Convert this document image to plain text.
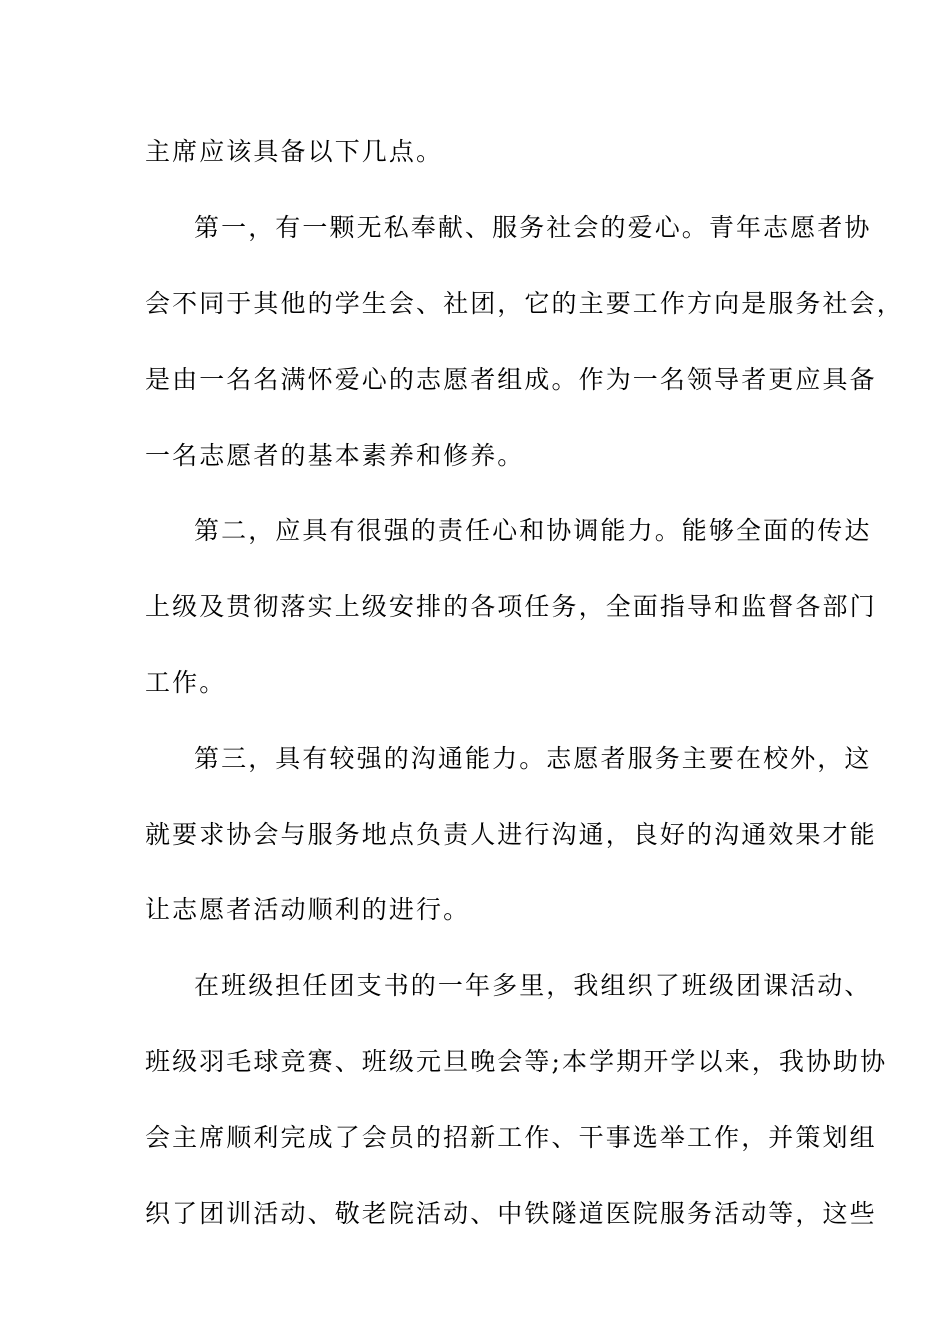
主席应该具备以下几点。
第一，有一颗无私奉献、服务社会的爱心。青年志愿者协
会不同于其他的学生会、社团，它的主要工作方向是服务社会，
是由一名名满怀爱心的志愿者组成。作为一名领导者更应具备
一名志愿者的基本素养和修养。
第二，应具有很强的责任心和协调能力。能够全面的传达
上级及贯彻落实上级安排的各项任务，全面指导和监督各部门
工作。
第三，具有较强的沟通能力。志愿者服务主要在校外，这
就要求协会与服务地点负责人进行沟通，良好的沟通效果才能
让志愿者活动顺利的进行。
在班级担任团支书的一年多里，我组织了班级团课活动、
班级羽毛球竞赛、班级元旦晚会等;本学期开学以来，我协助协
会主席顺利完成了会员的招新工作、干事选举工作，并策划组
织了团训活动、敬老院活动、中铁隧道医院服务活动等，这些
